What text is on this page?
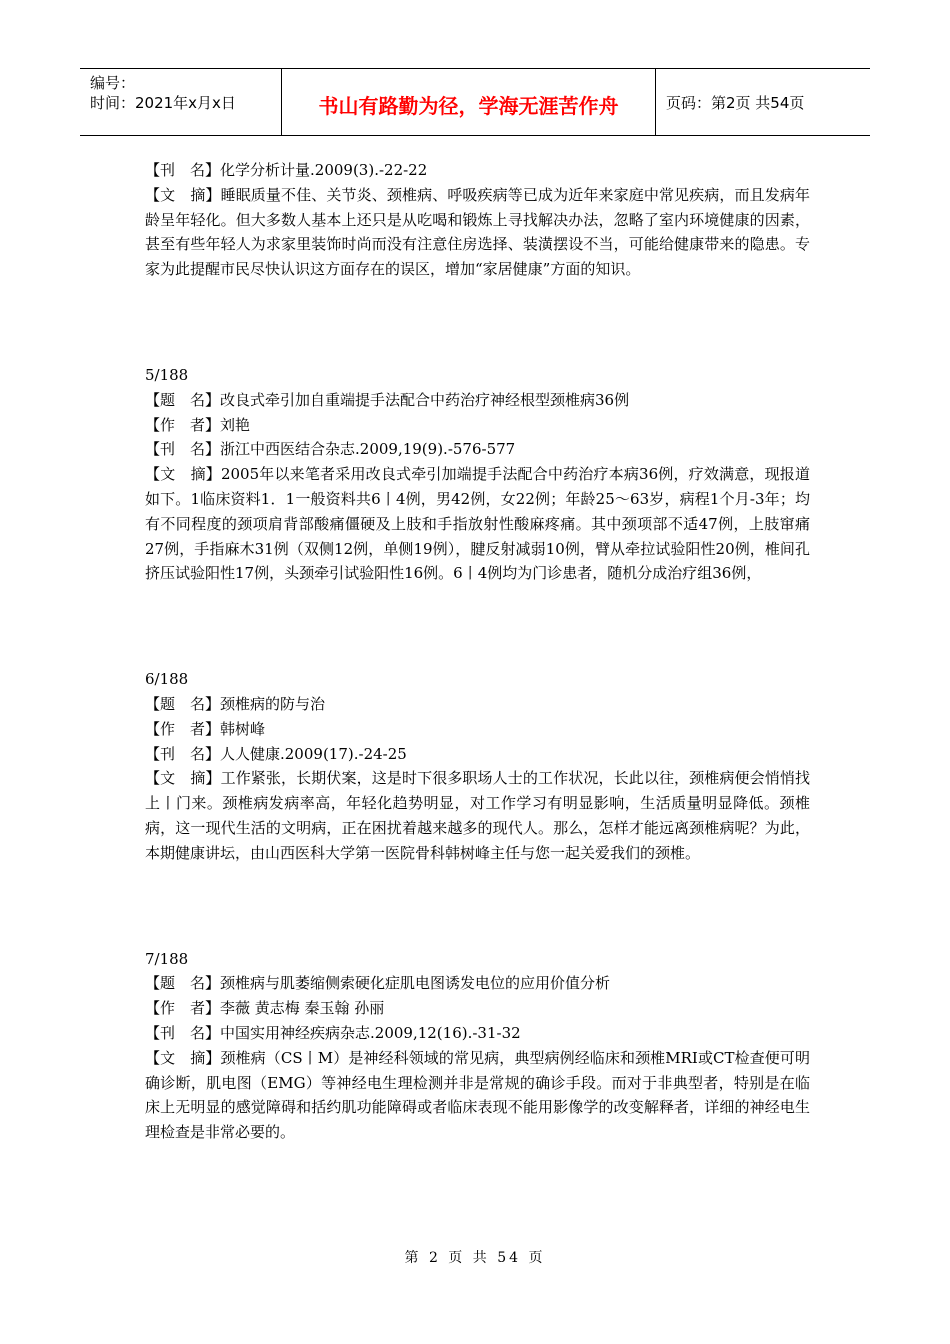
编号：
时间：2021年x月x日	书山有路勤为径，学海无涯苦作舟	页码：第2页 共54页
【刊　名】化学分析计量.2009(3).-22-22
【文　摘】睡眠质量不佳、关节炎、颈椎病、呼吸疾病等已成为近年来家庭中常见疾病，而且发病年龄呈年轻化。但大多数人基本上还只是从吃喝和锻炼上寻找解决办法，忽略了室内环境健康的因素，甚至有些年轻人为求家里装饰时尚而没有注意住房选择、装潢摆设不当，可能给健康带来的隐患。专家为此提醒市民尽快认识这方面存在的误区，增加“家居健康”方面的知识。
5/188
【题　名】改良式牵引加自重端提手法配合中药治疗神经根型颈椎病36例
【作　者】刘艳
【刊　名】浙江中西医结合杂志.2009,19(9).-576-577
【文　摘】2005年以来笔者采用改良式牵引加端提手法配合中药治疗本病36例，疗效满意，现报道如下。1临床资料1．1一般资料共6丨4例，男42例，女22例；年龄25～63岁，病程1个月-3年；均有不同程度的颈项肩背部酸痛僵硬及上肢和手指放射性酸麻疼痛。其中颈项部不适47例，上肢窜痛27例，手指麻木31例（双侧12例，单侧19例），腱反射减弱10例，臂从牵拉试验阳性20例，椎间孔挤压试验阳性17例，头颈牵引试验阳性16例。6丨4例均为门诊患者，随机分成治疗组36例，
6/188
【题　名】颈椎病的防与治
【作　者】韩树峰
【刊　名】人人健康.2009(17).-24-25
【文　摘】工作紧张，长期伏案，这是时下很多职场人士的工作状况，长此以往，颈椎病便会悄悄找上丨门来。颈椎病发病率高，年轻化趋势明显，对工作学习有明显影响，生活质量明显降低。颈椎病，这一现代生活的文明病，正在困扰着越来越多的现代人。那么，怎样才能远离颈椎病呢？为此，本期健康讲坛，由山西医科大学第一医院骨科韩树峰主任与您一起关爱我们的颈椎。
7/188
【题　名】颈椎病与肌萎缩侧索硬化症肌电图诱发电位的应用价值分析
【作　者】李薇 黄志梅 秦玉翰 孙丽
【刊　名】中国实用神经疾病杂志.2009,12(16).-31-32
【文　摘】颈椎病（CS丨M）是神经科领域的常见病，典型病例经临床和颈椎MRI或CT检查便可明确诊断，肌电图（EMG）等神经电生理检测并非是常规的确诊手段。而对于非典型者，特别是在临床上无明显的感觉障碍和括约肌功能障碍或者临床表现不能用影像学的改变解释者，详细的神经电生理检查是非常必要的。
第 2 页 共 54 页
